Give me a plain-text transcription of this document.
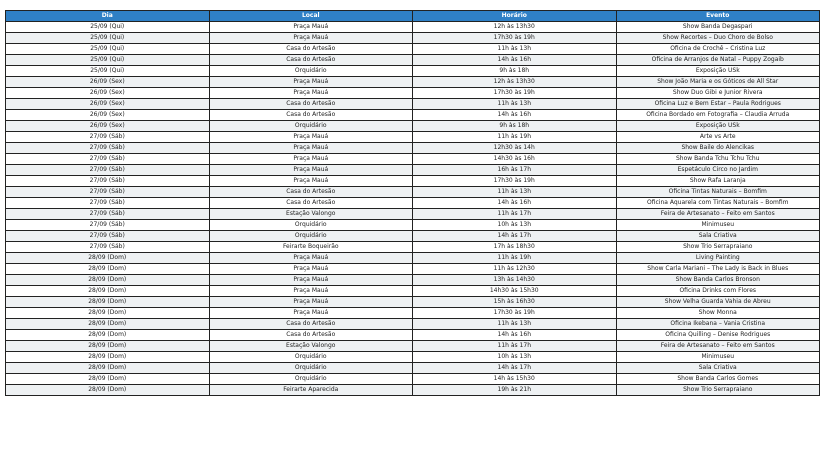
Dia	Local	Horário	Evento
25/09 (Qui)	Praça Mauá	12h às 13h30	Show Banda Degaspari
25/09 (Qui)	Praça Mauá	17h30 às 19h	Show Recortes – Duo Choro de Bolso
25/09 (Qui)	Casa do Artesão	11h às 13h	Oficina de Crochê – Cristina Luz
25/09 (Qui)	Casa do Artesão	14h às 16h	Oficina de Arranjos de Natal – Puppy Zogaib
25/09 (Qui)	Orquidário	9h às 18h	Exposição USk
26/09 (Sex)	Praça Mauá	12h às 13h30	Show João Maria e os Góticos de All Star
26/09 (Sex)	Praça Mauá	17h30 às 19h	Show Duo Gibi e Junior Rivera
26/09 (Sex)	Casa do Artesão	11h às 13h	Oficina Luz e Bem Estar – Paula Rodrigues
26/09 (Sex)	Casa do Artesão	14h às 16h	Oficina Bordado em Fotografia – Claudia Arruda
26/09 (Sex)	Orquidário	9h às 18h	Exposição USk
27/09 (Sáb)	Praça Mauá	11h às 19h	Arte vs Arte
27/09 (Sáb)	Praça Mauá	12h30 às 14h	Show Baile do Alencikas
27/09 (Sáb)	Praça Mauá	14h30 às 16h	Show Banda Tchu Tchu Tchu
27/09 (Sáb)	Praça Mauá	16h às 17h	Espetáculo Circo no Jardim
27/09 (Sáb)	Praça Mauá	17h30 às 19h	Show Rafa Laranja
27/09 (Sáb)	Casa do Artesão	11h às 13h	Oficina Tintas Naturais – Bomfim
27/09 (Sáb)	Casa do Artesão	14h às 16h	Oficina Aquarela com Tintas Naturais – Bomfim
27/09 (Sáb)	Estação Valongo	11h às 17h	Feira de Artesanato – Feito em Santos
27/09 (Sáb)	Orquidário	10h às 13h	Minimuseu
27/09 (Sáb)	Orquidário	14h às 17h	Sala Criativa
27/09 (Sáb)	Feirarte Boqueirão	17h às 18h30	Show Trio Serrapraiano
28/09 (Dom)	Praça Mauá	11h às 19h	Living Painting
28/09 (Dom)	Praça Mauá	11h às 12h30	Show Carla Mariani – The Lady is Back in Blues
28/09 (Dom)	Praça Mauá	13h às 14h30	Show Banda Carlos Bronson
28/09 (Dom)	Praça Mauá	14h30 às 15h30	Oficina Drinks com Flores
28/09 (Dom)	Praça Mauá	15h às 16h30	Show Velha Guarda Vahia de Abreu
28/09 (Dom)	Praça Mauá	17h30 às 19h	Show Monna
28/09 (Dom)	Casa do Artesão	11h às 13h	Oficina Ikebana – Vania Cristina
28/09 (Dom)	Casa do Artesão	14h às 16h	Oficina Quilling – Denise Rodrigues
28/09 (Dom)	Estação Valongo	11h às 17h	Feira de Artesanato – Feito em Santos
28/09 (Dom)	Orquidário	10h às 13h	Minimuseu
28/09 (Dom)	Orquidário	14h às 17h	Sala Criativa
28/09 (Dom)	Orquidário	14h às 15h30	Show Banda Carlos Gomes
28/09 (Dom)	Feirarte Aparecida	19h às 21h	Show Trio Serrapraiano
